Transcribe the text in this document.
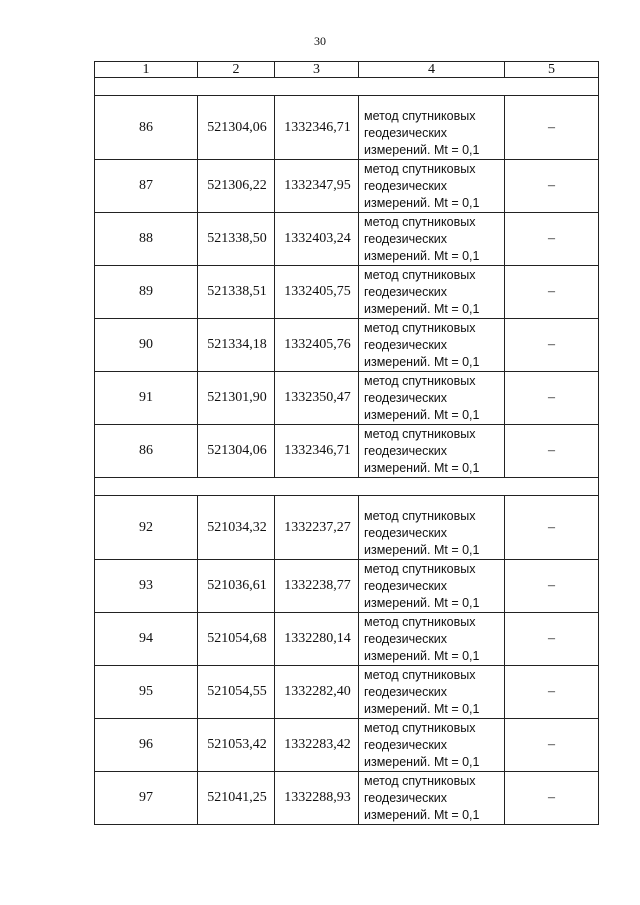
30
1	2	3	4	5

86	521304,06	1332346,71	метод спутниковых геодезических измерений. Mt = 0,1	–
87	521306,22	1332347,95	метод спутниковых геодезических измерений. Mt = 0,1	–
88	521338,50	1332403,24	метод спутниковых геодезических измерений. Mt = 0,1	–
89	521338,51	1332405,75	метод спутниковых геодезических измерений. Mt = 0,1	–
90	521334,18	1332405,76	метод спутниковых геодезических измерений. Mt = 0,1	–
91	521301,90	1332350,47	метод спутниковых геодезических измерений. Mt = 0,1	–
86	521304,06	1332346,71	метод спутниковых геодезических измерений. Mt = 0,1	–

92	521034,32	1332237,27	метод спутниковых геодезических измерений. Mt = 0,1	–
93	521036,61	1332238,77	метод спутниковых геодезических измерений. Mt = 0,1	–
94	521054,68	1332280,14	метод спутниковых геодезических измерений. Mt = 0,1	–
95	521054,55	1332282,40	метод спутниковых геодезических измерений. Mt = 0,1	–
96	521053,42	1332283,42	метод спутниковых геодезических измерений. Mt = 0,1	–
97	521041,25	1332288,93	метод спутниковых геодезических измерений. Mt = 0,1	–
